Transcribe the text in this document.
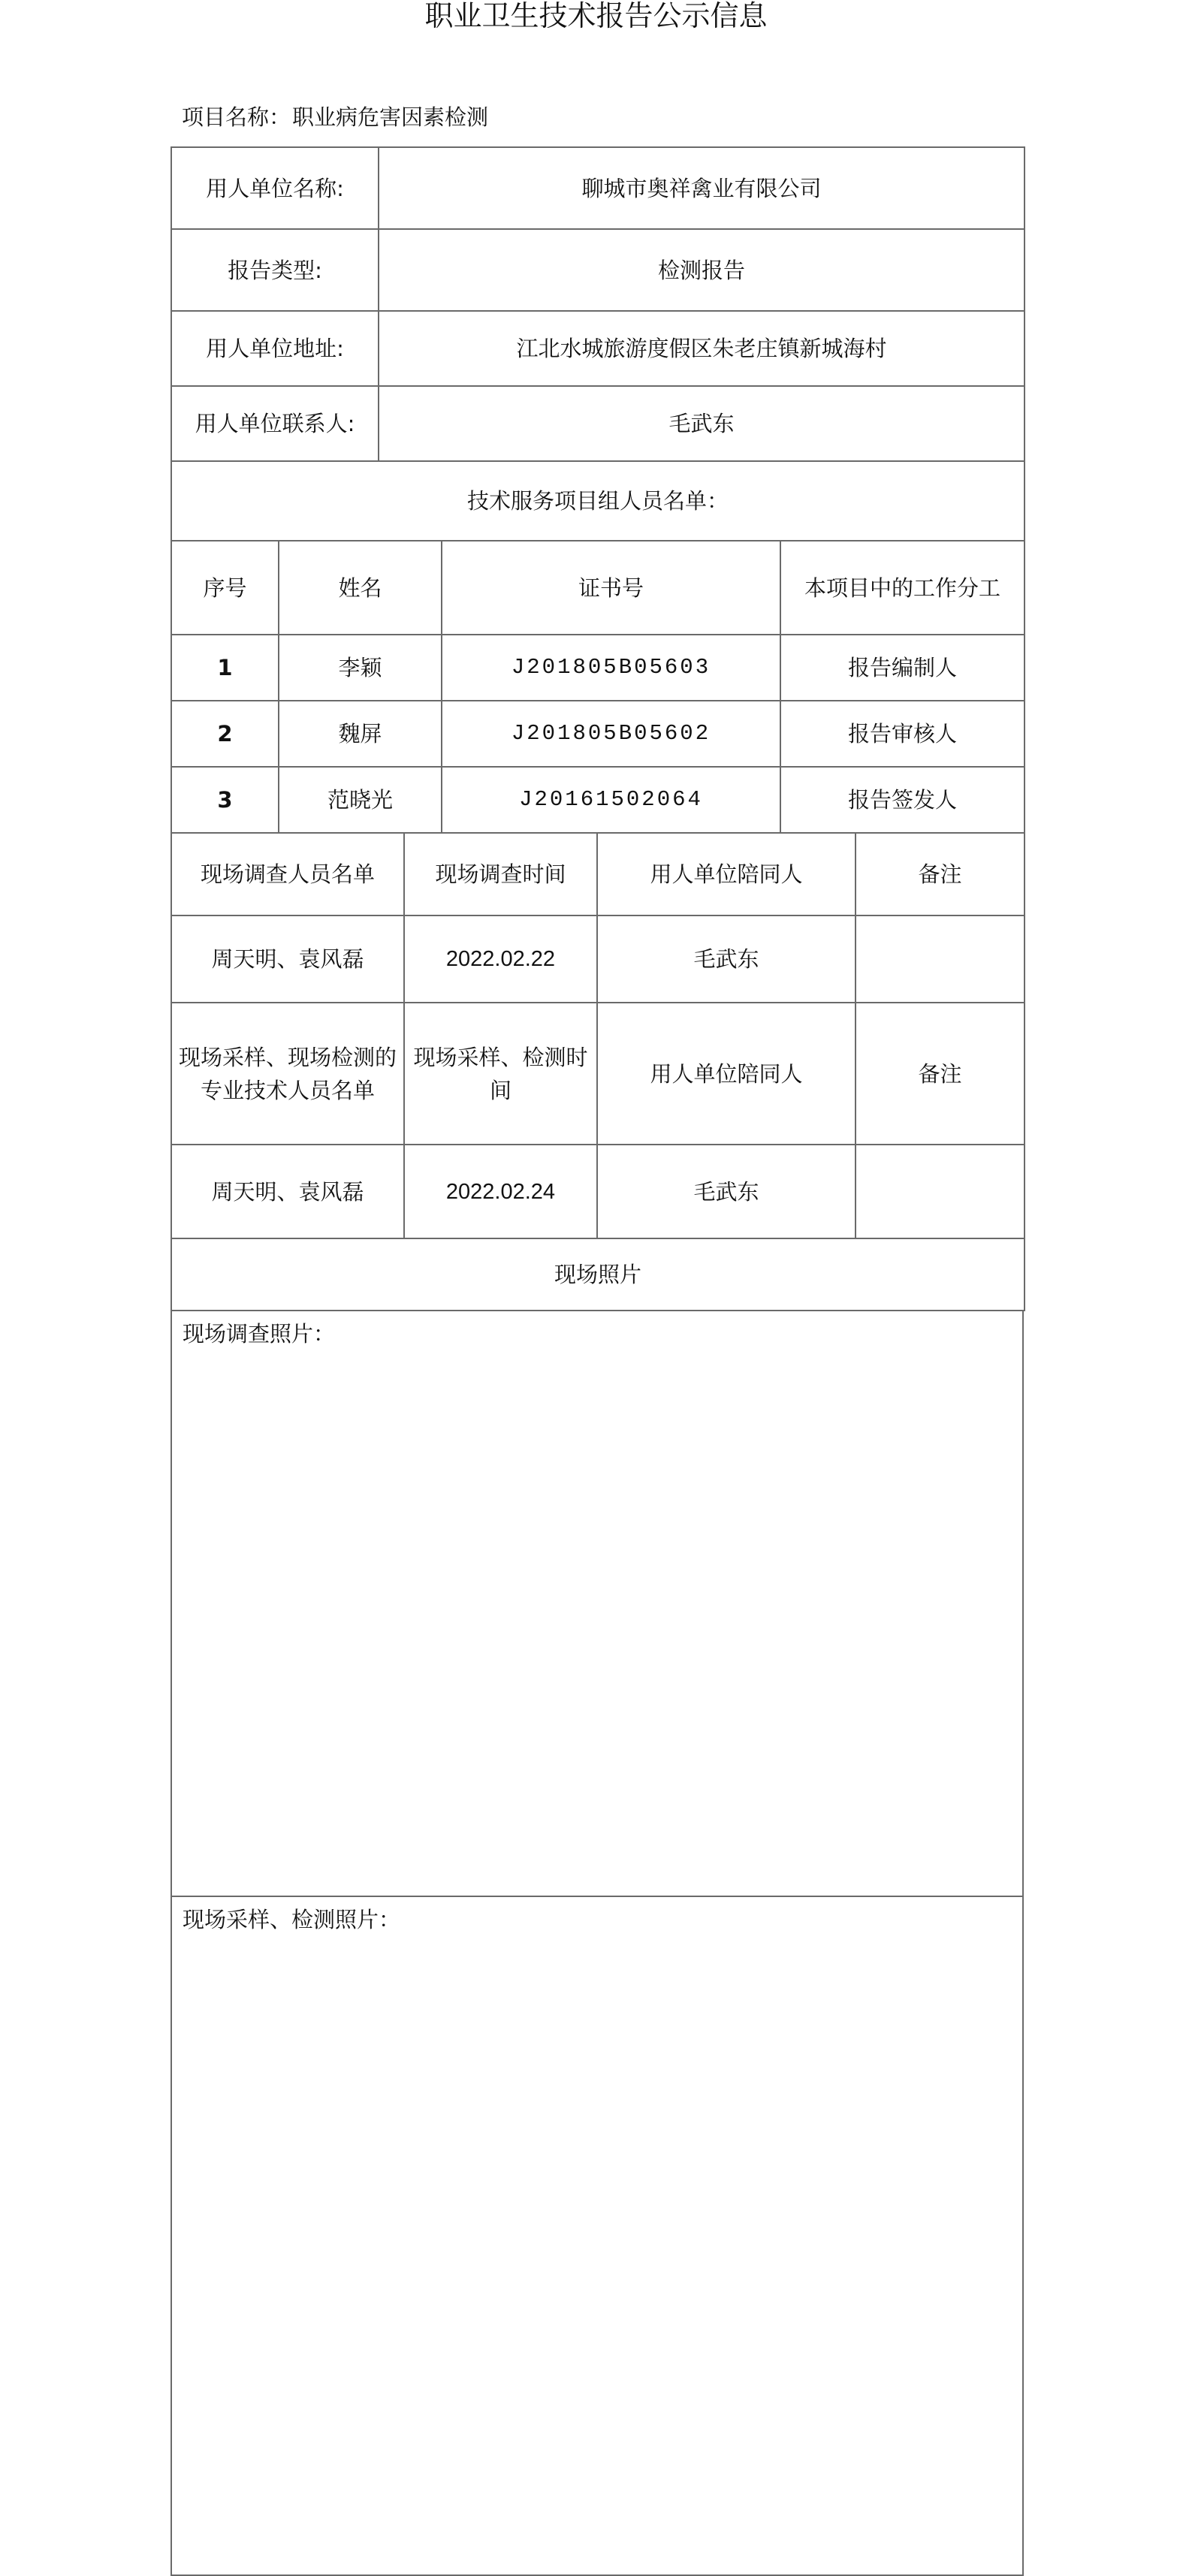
职业卫生技术报告公示信息
项目名称：职业病危害因素检测
用人单位名称:	聊城市奥祥禽业有限公司
报告类型:	检测报告
用人单位地址:	江北水城旅游度假区朱老庄镇新城海村
用人单位联系人:	毛武东
技术服务项目组人员名单：			
序号	姓名	证书号	本项目中的工作分工
1	李颖	J201805B05603	报告编制人
2	魏屏	J201805B05602	报告审核人
3	范晓光	J20161502064	报告签发人
现场调查人员名单	现场调查时间	用人单位陪同人	备注
周天明、袁风磊	2022.02.22	毛武东	
现场采样、现场检测的专业技术人员名单	现场采样、检测时间	用人单位陪同人	备注
周天明、袁风磊	2022.02.24	毛武东	
现场照片			
现场调查照片：
现场采样、检测照片：
